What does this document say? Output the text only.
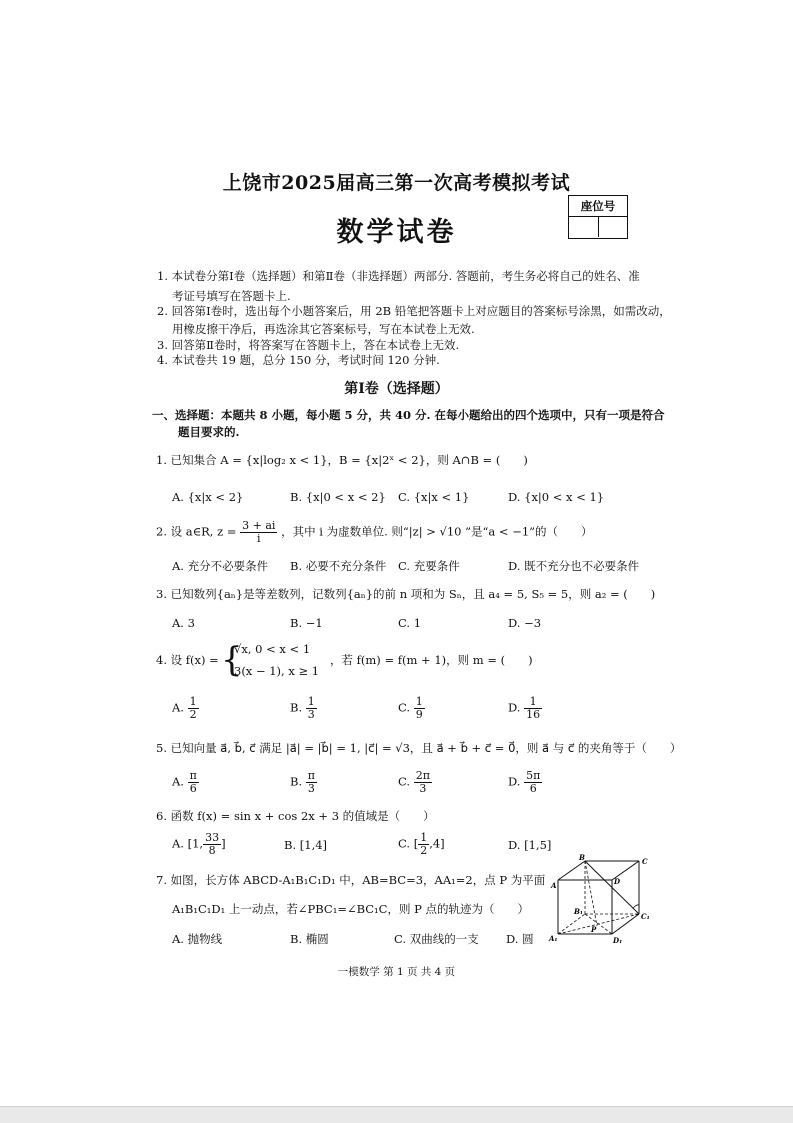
上饶市2025届高三第一次高考模拟考试
数学试卷
座位号
1. 本试卷分第Ⅰ卷（选择题）和第Ⅱ卷（非选择题）两部分. 答题前，考生务必将自己的姓名、准
考证号填写在答题卡上.
2. 回答第Ⅰ卷时，选出每个小题答案后，用 2B 铅笔把答题卡上对应题目的答案标号涂黑，如需改动，
用橡皮擦干净后，再选涂其它答案标号，写在本试卷上无效.
3. 回答第Ⅱ卷时，将答案写在答题卡上，答在本试卷上无效.
4. 本试卷共 19 题，总分 150 分，考试时间 120 分钟.
第Ⅰ卷（选择题）
一、选择题：本题共 8 小题，每小题 5 分，共 40 分. 在每小题给出的四个选项中，只有一项是符合
题目要求的.
1. 已知集合 A = {x|log₂ x < 1}，B = {x|2ˣ < 2}，则 A∩B = (　　)
A. {x|x < 2}	B. {x|0 < x < 2} C. {x|x < 1}	D. {x|0 < x < 1}
2. 设 a∈R, $z = \frac{3 + ai}{i}$ ，其中 i 为虚数单位. 则“|z| > √10 ”是“a < −1”的（　　）
A. 充分不必要条件 B. 必要不充分条件 C. 充要条件	D. 既不充分也不必要条件
3. 已知数列{aₙ}是等差数列，记数列{aₙ}的前 n 项和为 Sₙ，且 a₄ = 5, S₅ = 5，则 a₂ = (　　)
A. 3	B. −1	C. 1	D. −3
4. 设 f(x) = {
√x, 0 < x < 1
3(x − 1), x ≥ 1
，若 f(m) = f(m + 1)，则 m = (　　)
A. $\frac{1}{2}$	B. $\frac{1}{3}$	C. $\frac{1}{9}$	D. $\frac{1}{16}$
5. 已知向量 a⃗, b⃗, c⃗ 满足 |a⃗| = |b⃗| = 1, |c⃗| = √3，且 a⃗ + b⃗ + c⃗ = 0⃗，则 a⃗ 与 c⃗ 的夹角等于（　　）
A. $\frac{\pi}{6}$	B. $\frac{\pi}{3}$	C. $\frac{2\pi}{3}$	D. $\frac{5\pi}{6}$
6. 函数 f(x) = sin x + cos 2x + 3 的值域是（　　）
A. [1, $\frac{33}{8}$ ]	B. [1,4]	C. [ $\frac{1}{2} ,4$]	D. [1,5]
7. 如图，长方体 ABCD-A₁B₁C₁D₁ 中，AB=BC=3，AA₁=2，点 P 为平面
A₁B₁C₁D₁ 上一动点，若∠PBC₁=∠BC₁C，则 P 点的轨迹为（　　）
A. 抛物线	B. 椭圆	C. 双曲线的一支 D. 圆
B	C
A	D
B₁
C₁
P
A₁	D₁
一模数学 第 1 页 共 4 页
